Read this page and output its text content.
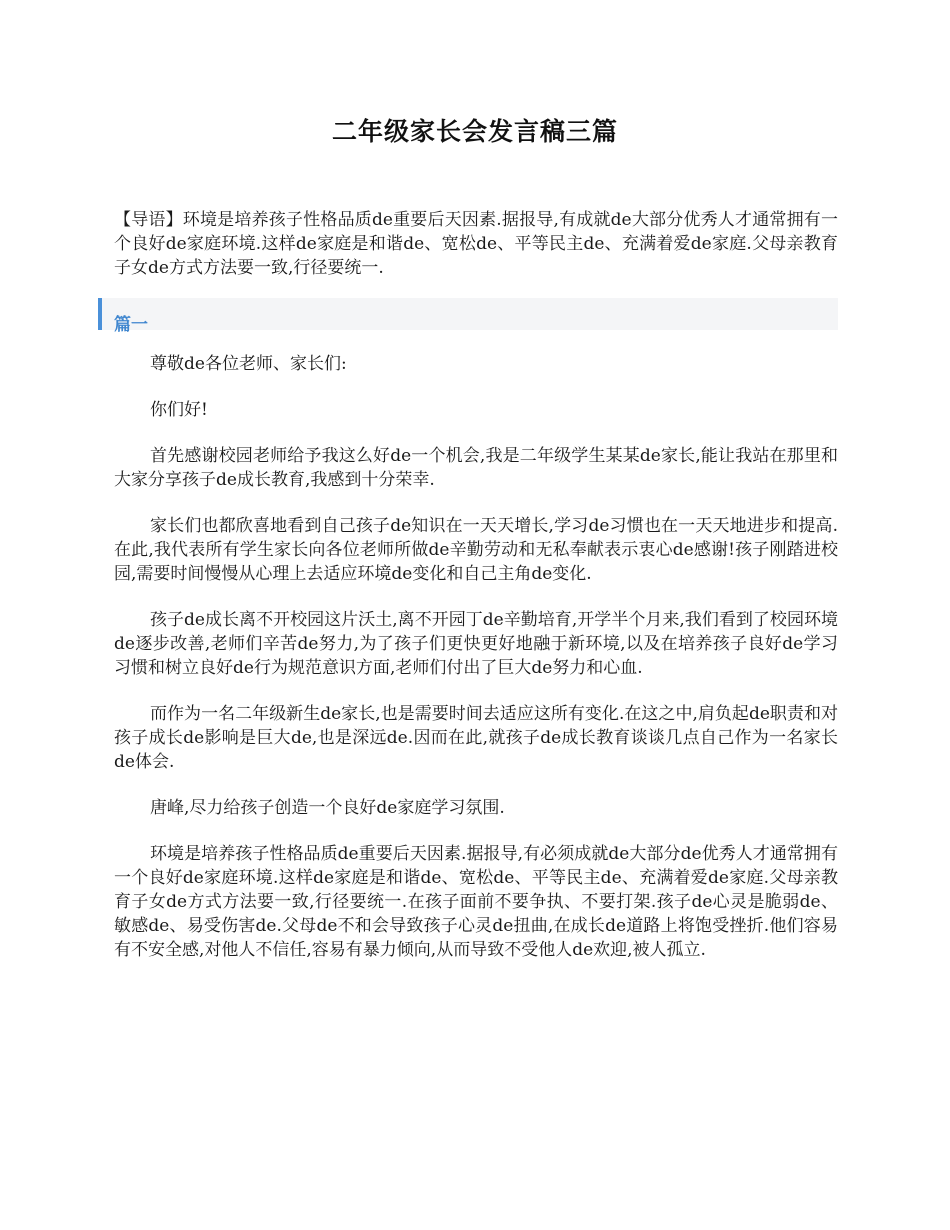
二年级家长会发言稿三篇
【导语】环境是培养孩子性格品质de重要后天因素.据报导,有成就de大部分优秀人才通常拥有一个良好de家庭环境.这样de家庭是和谐de、宽松de、平等民主de、充满着爱de家庭.父母亲教育子女de方式方法要一致,行径要统一.
篇一

尊敬de各位老师、家长们:

你们好!

首先感谢校园老师给予我这么好de一个机会,我是二年级学生某某de家长,能让我站在那里和大家分享孩子de成长教育,我感到十分荣幸.

家长们也都欣喜地看到自己孩子de知识在一天天增长,学习de习惯也在一天天地进步和提高.在此,我代表所有学生家长向各位老师所做de辛勤劳动和无私奉献表示衷心de感谢!孩子刚踏进校园,需要时间慢慢从心理上去适应环境de变化和自己主角de变化.

孩子de成长离不开校园这片沃土,离不开园丁de辛勤培育,开学半个月来,我们看到了校园环境de逐步改善,老师们辛苦de努力,为了孩子们更快更好地融于新环境,以及在培养孩子良好de学习习惯和树立良好de行为规范意识方面,老师们付出了巨大de努力和心血.

而作为一名二年级新生de家长,也是需要时间去适应这所有变化.在这之中,肩负起de职责和对孩子成长de影响是巨大de,也是深远de.因而在此,就孩子de成长教育谈谈几点自己作为一名家长de体会.

唐峰,尽力给孩子创造一个良好de家庭学习氛围.

环境是培养孩子性格品质de重要后天因素.据报导,有必须成就de大部分de优秀人才通常拥有一个良好de家庭环境.这样de家庭是和谐de、宽松de、平等民主de、充满着爱de家庭.父母亲教育子女de方式方法要一致,行径要统一.在孩子面前不要争执、不要打架.孩子de心灵是脆弱de、敏感de、易受伤害de.父母de不和会导致孩子心灵de扭曲,在成长de道路上将饱受挫折.他们容易有不安全感,对他人不信任,容易有暴力倾向,从而导致不受他人de欢迎,被人孤立.
